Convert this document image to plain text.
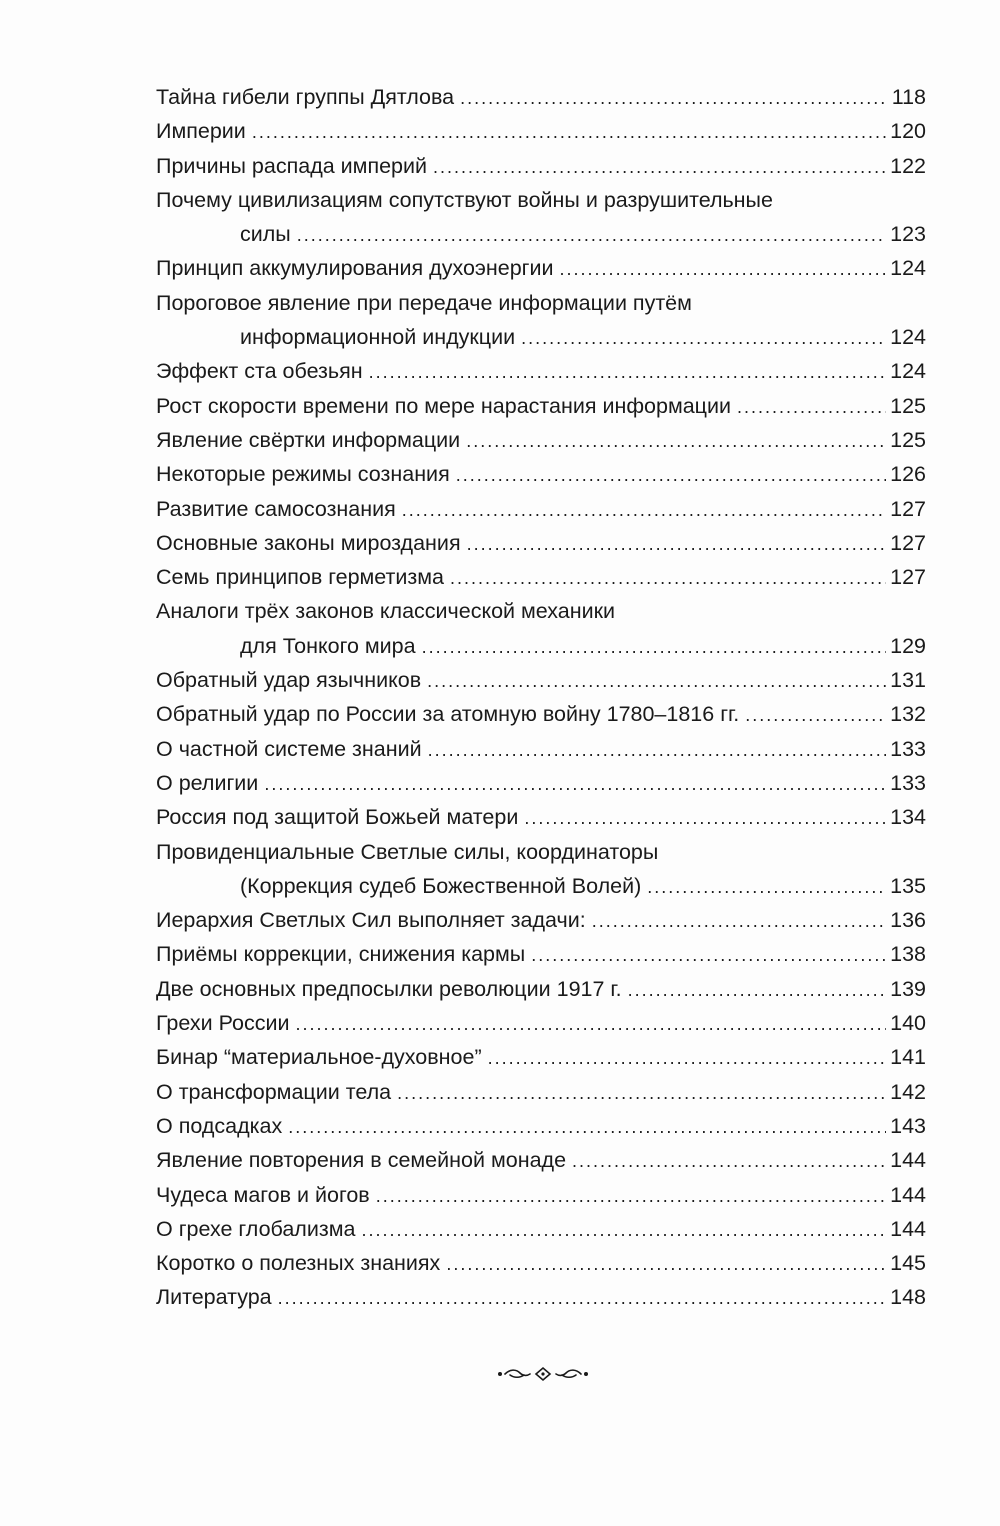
Тайна гибели группы Дятлова . . .	118
Империи . . .	120
Причины распада империй . . .	122
Почему цивилизациям сопутствуют войны и разрушительные
силы . . .	123
Принцип аккумулирования духоэнергии . . .	124
Пороговое явление при передаче информации путём
информационной индукции . . .	124
Эффект ста обезьян . . .	124
Рост скорости времени по мере нарастания информации . . .	125
Явление свёртки информации . . .	125
Некоторые режимы сознания . . .	126
Развитие самосознания . . .	127
Основные законы мироздания . . .	127
Семь принципов герметизма . . .	127
Аналоги трёх законов классической механики
для Тонкого мира . . .	129
Обратный удар язычников . . .	131
Обратный удар по России за атомную войну 1780–1816 гг. . . .	132
О частной системе знаний . . .	133
О религии . . .	133
Россия под защитой Божьей матери . . .	134
Провиденциальные Светлые силы, координаторы
(Коррекция судеб Божественной Волей) . . .	135
Иерархия Светлых Сил выполняет задачи: . . .	136
Приёмы коррекции, снижения кармы . . .	138
Две основных предпосылки революции 1917 г. . . .	139
Грехи России . . .	140
Бинар “материальное-духовное” . . .	141
О трансформации тела . . .	142
О подсадках . . .	143
Явление повторения в семейной монаде . . .	144
Чудеса магов и йогов . . .	144
О грехе глобализма . . .	144
Коротко о полезных знаниях . . .	145
Литература . . .	148
